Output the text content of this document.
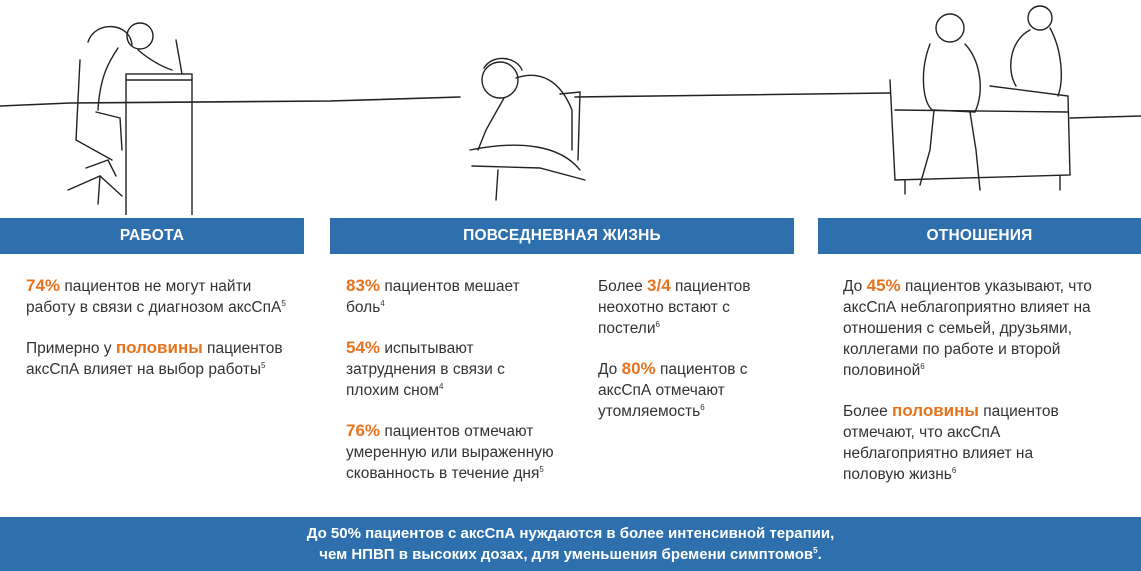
РАБОТА	ПОВСЕДНЕВНАЯ ЖИЗНЬ	ОТНОШЕНИЯ

74% пациентов не могут найти работу в связи с диагнозом аксСпА$^5$

Примерно у половины пациентов аксСпА влияет на выбор работы$^5$

83% пациентов мешает боль$^4$

54% испытывают затруднения в связи с плохим сном$^4$

76% пациентов отмечают умеренную или выраженную скованность в течение дня$^5$

Более 3/4 пациентов неохотно встают с постели$^6$

До 80% пациентов с аксСпА отмечают утомляемость$^6$

До 45% пациентов указывают, что аксСпА неблагоприятно влияет на отношения с семьей, друзьями, коллегами по работе и второй половиной$^6$

Более половины пациентов отмечают, что аксСпА неблагоприятно влияет на половую жизнь$^6$

До 50% пациентов с аксСпА нуждаются в более интенсивной терапии,
чем НПВП в высоких дозах, для уменьшения бремени симптомов$^5$.
